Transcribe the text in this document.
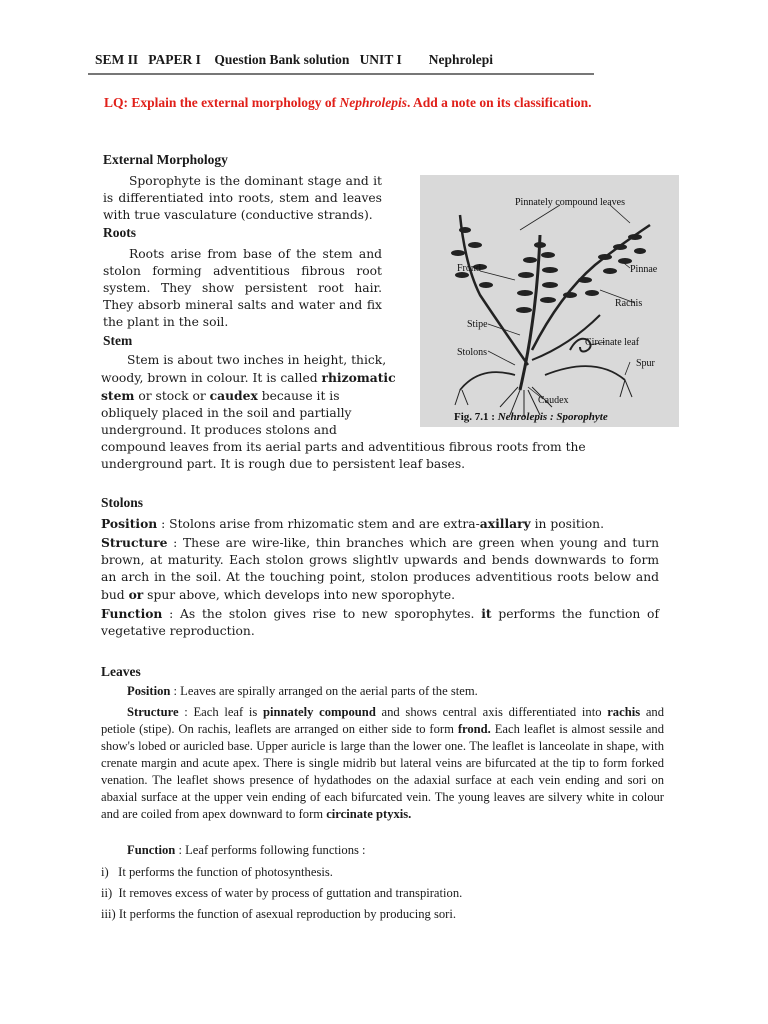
SEM II PAPER I Question Bank solution UNIT I Nephrolepi
LQ: Explain the external morphology of Nephrolepis. Add a note on its classification.
External Morphology

Sporophyte is the dominant stage and it is differentiated into roots, stem and leaves with true vasculature (conductive strands).

Roots

Roots arise from base of the stem and stolon forming adventitious fibrous root system. They show persistent root hair. They absorb mineral salts and water and fix the plant in the soil.

Stem

Stem is about two inches in height, thick, woody, brown in colour. It is called rhizomatic stem or stock or caudex because it is obliquely placed in the soil and partially underground. It produces stolons and compound leaves from its aerial parts and adventitious fibrous roots from the underground part. It is rough due to persistent leaf bases.

Pinnately compound leaves
Frond	Pinnae
Rachis
Stipe
Circinate leaf
Stolons
Spur
Caudex
Fig. 7.1 : Nehrolepis : Sporophyte
Stolons

Position : Stolons arise from rhizomatic stem and are extra-axillary in position.

Structure : These are wire-like, thin branches which are green when young and turn brown, at maturity. Each stolon grows slightlv upwards and bends downwards to form an arch in the soil. At the touching point, stolon produces adventitious roots below and bud or spur above, which develops into new sporophyte.

Function : As the stolon gives rise to new sporophytes. it performs the function of vegetative reproduction.

Leaves

Position : Leaves are spirally arranged on the aerial parts of the stem.

Structure : Each leaf is pinnately compound and shows central axis differentiated into rachis and petiole (stipe). On rachis, leaflets are arranged on either side to form frond. Each leaflet is almost sessile and show's lobed or auricled base. Upper auricle is large than the lower one. The leaflet is lanceolate in shape, with crenate margin and acute apex. There is single midrib but lateral veins are bifurcated at the tip to form forked venation. The leaflet shows presence of hydathodes on the adaxial surface at each vein ending and sori on abaxial surface at the upper vein ending of each bifurcated vein. The young leaves are silvery white in colour and are coiled from apex downward to form circinate ptyxis.

Function : Leaf performs following functions :

i)   It performs the function of photosynthesis.
ii)  It removes excess of water by process of guttation and transpiration.
iii) It performs the function of asexual reproduction by producing sori.
